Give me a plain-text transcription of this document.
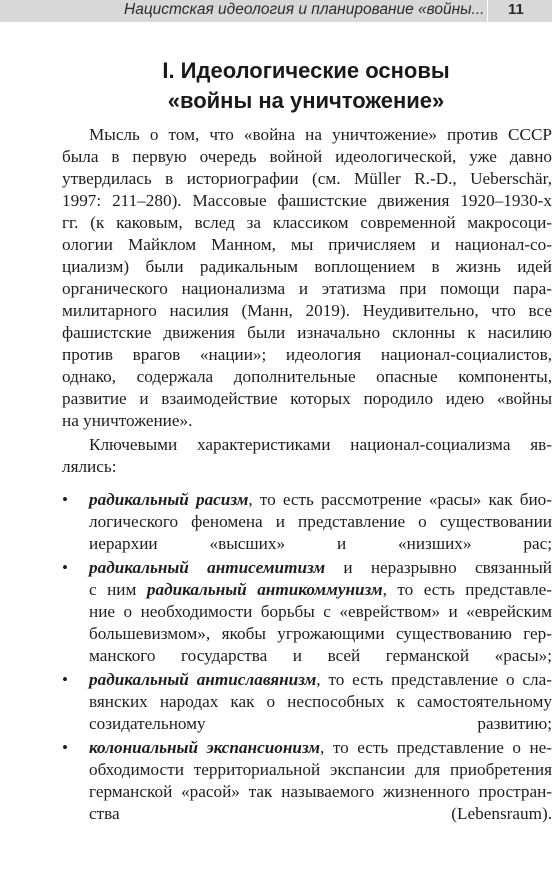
Нацистская идеология и планирование «войны... 11
I. Идеологические основы
«войны на уничтожение»

Мысль о том, что «война на уничтожение» против СССР

была в первую очередь войной идеологической, уже давно

утвердилась в историографии (см. Müller R.-D., Ueberschär,

1997: 211–280). Массовые фашистские движения 1920–1930-х

гг. (к каковым, вслед за классиком современной макросоци-

ологии Майклом Манном, мы причисляем и национал-со-

циализм) были радикальным воплощением в жизнь идей

органического национализма и этатизма при помощи пара-

милитарного насилия (Манн, 2019). Неудивительно, что все

фашистские движения были изначально склонны к насилию

против врагов «нации»; идеология национал-социалистов,

однако, содержала дополнительные опасные компоненты,

развитие и взаимодействие которых породило идею «войны

на уничтожение».

Ключевыми характеристиками национал-социализма яв-

лялись:

• радикальный расизм, то есть рассмотрение «расы» как био-

логического феномена и представление о существовании

иерархии «высших» и «низших» рас;

• радикальный антисемитизм и неразрывно связанный

с ним радикальный антикоммунизм, то есть представле-

ние о необходимости борьбы с «еврейством» и «еврейским

большевизмом», якобы угрожающими существованию гер-

манского государства и всей германской «расы»;

• радикальный антиславянизм, то есть представление о сла-

вянских народах как о неспособных к самостоятельному

созидательному развитию;

• колониальный экспансионизм, то есть представление о не-

обходимости территориальной экспансии для приобретения

германской «расой» так называемого жизненного простран-

ства (Lebensraum).
